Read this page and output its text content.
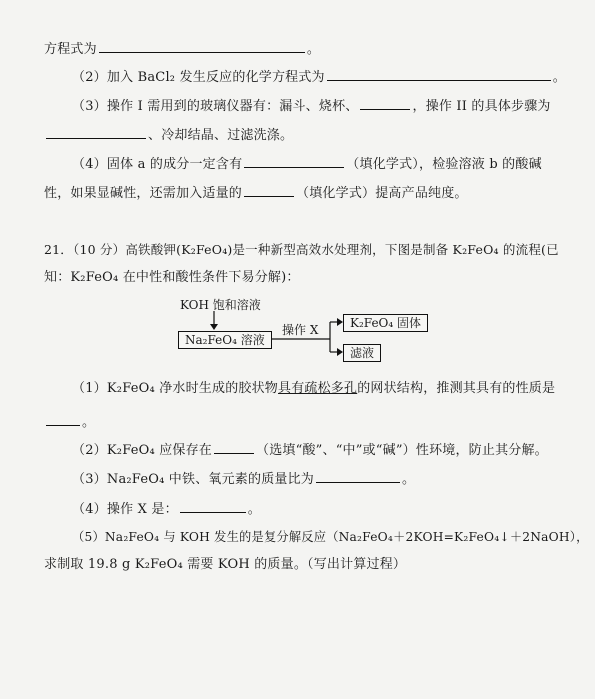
方程式为	。
（2）加入 BaCl₂ 发生反应的化学方程式为	。
（3）操作 I 需用到的玻璃仪器有：漏斗、烧杯、	，操作 II 的具体步骤为
、冷却结晶、过滤洗涤。
（4）固体 a 的成分一定含有	（填化学式），检验溶液 b 的酸碱
性，如果显碱性，还需加入适量的	（填化学式）提高产品纯度。
21．（10 分）高铁酸钾(K₂FeO₄)是一种新型高效水处理剂，下图是制备 K₂FeO₄ 的流程(已
知：K₂FeO₄ 在中性和酸性条件下易分解)：
KOH 饱和溶液
Na₂FeO₄ 溶液
操作 X	K₂FeO₄ 固体
滤液
（1）K₂FeO₄ 净水时生成的胶状物具有疏松多孔的网状结构，推测其具有的性质是
。
（2）K₂FeO₄ 应保存在	（选填“酸”、“中”或“碱”）性环境，防止其分解。
（3）Na₂FeO₄ 中铁、氧元素的质量比为	。
（4）操作 X 是：	。
（5）Na₂FeO₄ 与 KOH 发生的是复分解反应（Na₂FeO₄＋2KOH=K₂FeO₄↓＋2NaOH），
求制取 19.8 g K₂FeO₄ 需要 KOH 的质量。（写出计算过程）
